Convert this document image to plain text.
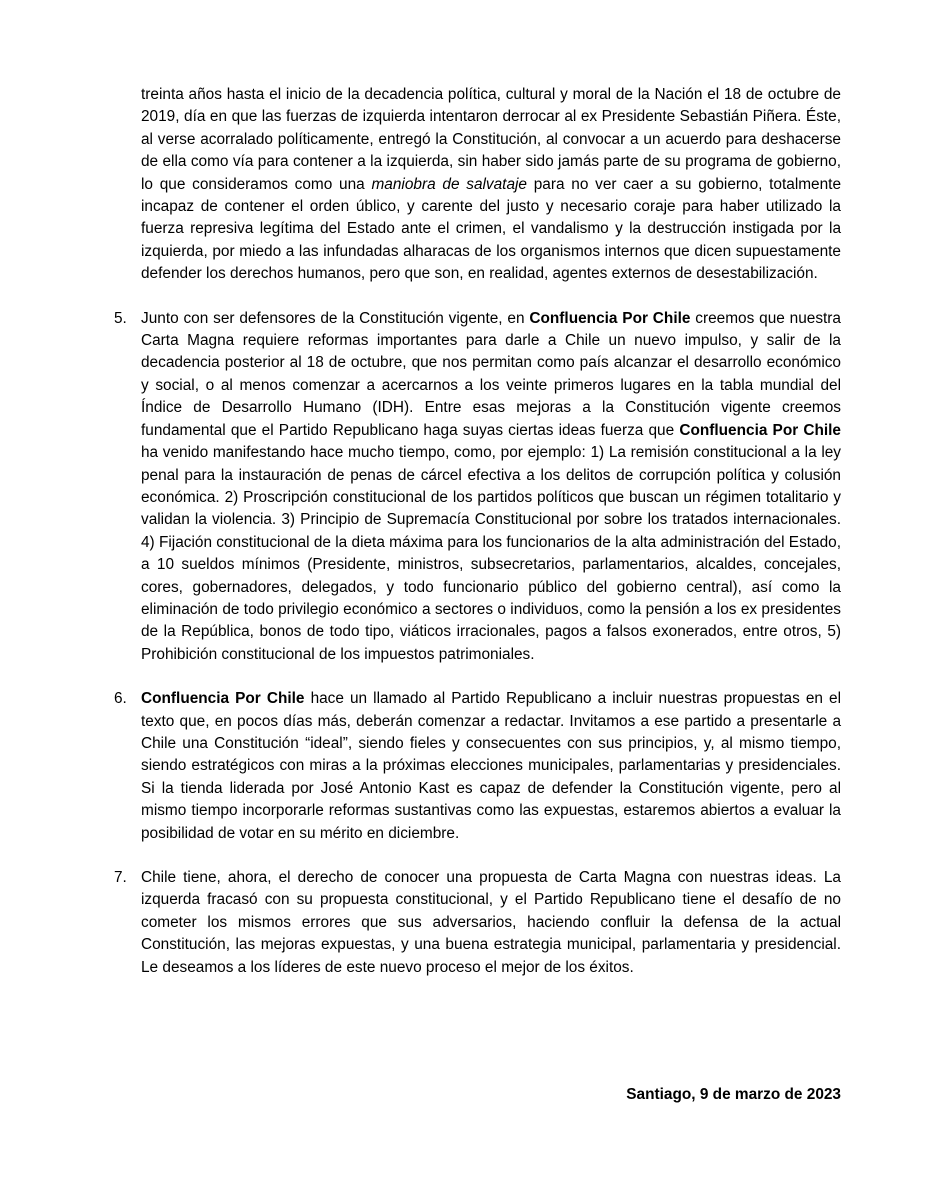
treinta años hasta el inicio de la decadencia política, cultural y moral de la Nación el 18 de octubre de 2019, día en que las fuerzas de izquierda intentaron derrocar al ex Presidente Sebastián Piñera. Éste, al verse acorralado políticamente, entregó la Constitución, al convocar a un acuerdo para deshacerse de ella como vía para contener a la izquierda, sin haber sido jamás parte de su programa de gobierno, lo que consideramos como una maniobra de salvataje para no ver caer a su gobierno, totalmente incapaz de contener el orden úblico, y carente del justo y necesario coraje para haber utilizado la fuerza represiva legítima del Estado ante el crimen, el vandalismo y la destrucción instigada por la izquierda, por miedo a las infundadas alharacas de los organismos internos que dicen supuestamente defender los derechos humanos, pero que son, en realidad, agentes externos de desestabilización.

5. Junto con ser defensores de la Constitución vigente, en Confluencia Por Chile creemos que nuestra Carta Magna requiere reformas importantes para darle a Chile un nuevo impulso, y salir de la decadencia posterior al 18 de octubre, que nos permitan como país alcanzar el desarrollo económico y social, o al menos comenzar a acercarnos a los veinte primeros lugares en la tabla mundial del Índice de Desarrollo Humano (IDH). Entre esas mejoras a la Constitución vigente creemos fundamental que el Partido Republicano haga suyas ciertas ideas fuerza que Confluencia Por Chile ha venido manifestando hace mucho tiempo, como, por ejemplo: 1) La remisión constitucional a la ley penal para la instauración de penas de cárcel efectiva a los delitos de corrupción política y colusión económica. 2) Proscripción constitucional de los partidos políticos que buscan un régimen totalitario y validan la violencia. 3) Principio de Supremacía Constitucional por sobre los tratados internacionales. 4) Fijación constitucional de la dieta máxima para los funcionarios de la alta administración del Estado, a 10 sueldos mínimos (Presidente, ministros, subsecretarios, parlamentarios, alcaldes, concejales, cores, gobernadores, delegados, y todo funcionario público del gobierno central), así como la eliminación de todo privilegio económico a sectores o individuos, como la pensión a los ex presidentes de la República, bonos de todo tipo, viáticos irracionales, pagos a falsos exonerados, entre otros, 5) Prohibición constitucional de los impuestos patrimoniales.

6. Confluencia Por Chile hace un llamado al Partido Republicano a incluir nuestras propuestas en el texto que, en pocos días más, deberán comenzar a redactar. Invitamos a ese partido a presentarle a Chile una Constitución “ideal”, siendo fieles y consecuentes con sus principios, y, al mismo tiempo, siendo estratégicos con miras a la próximas elecciones municipales, parlamentarias y presidenciales. Si la tienda liderada por José Antonio Kast es capaz de defender la Constitución vigente, pero al mismo tiempo incorporarle reformas sustantivas como las expuestas, estaremos abiertos a evaluar la posibilidad de votar en su mérito en diciembre.

7. Chile tiene, ahora, el derecho de conocer una propuesta de Carta Magna con nuestras ideas. La izquerda fracasó con su propuesta constitucional, y el Partido Republicano tiene el desafío de no cometer los mismos errores que sus adversarios, haciendo confluir la defensa de la actual Constitución, las mejoras expuestas, y una buena estrategia municipal, parlamentaria y presidencial. Le deseamos a los líderes de este nuevo proceso el mejor de los éxitos.

Santiago, 9 de marzo de 2023
